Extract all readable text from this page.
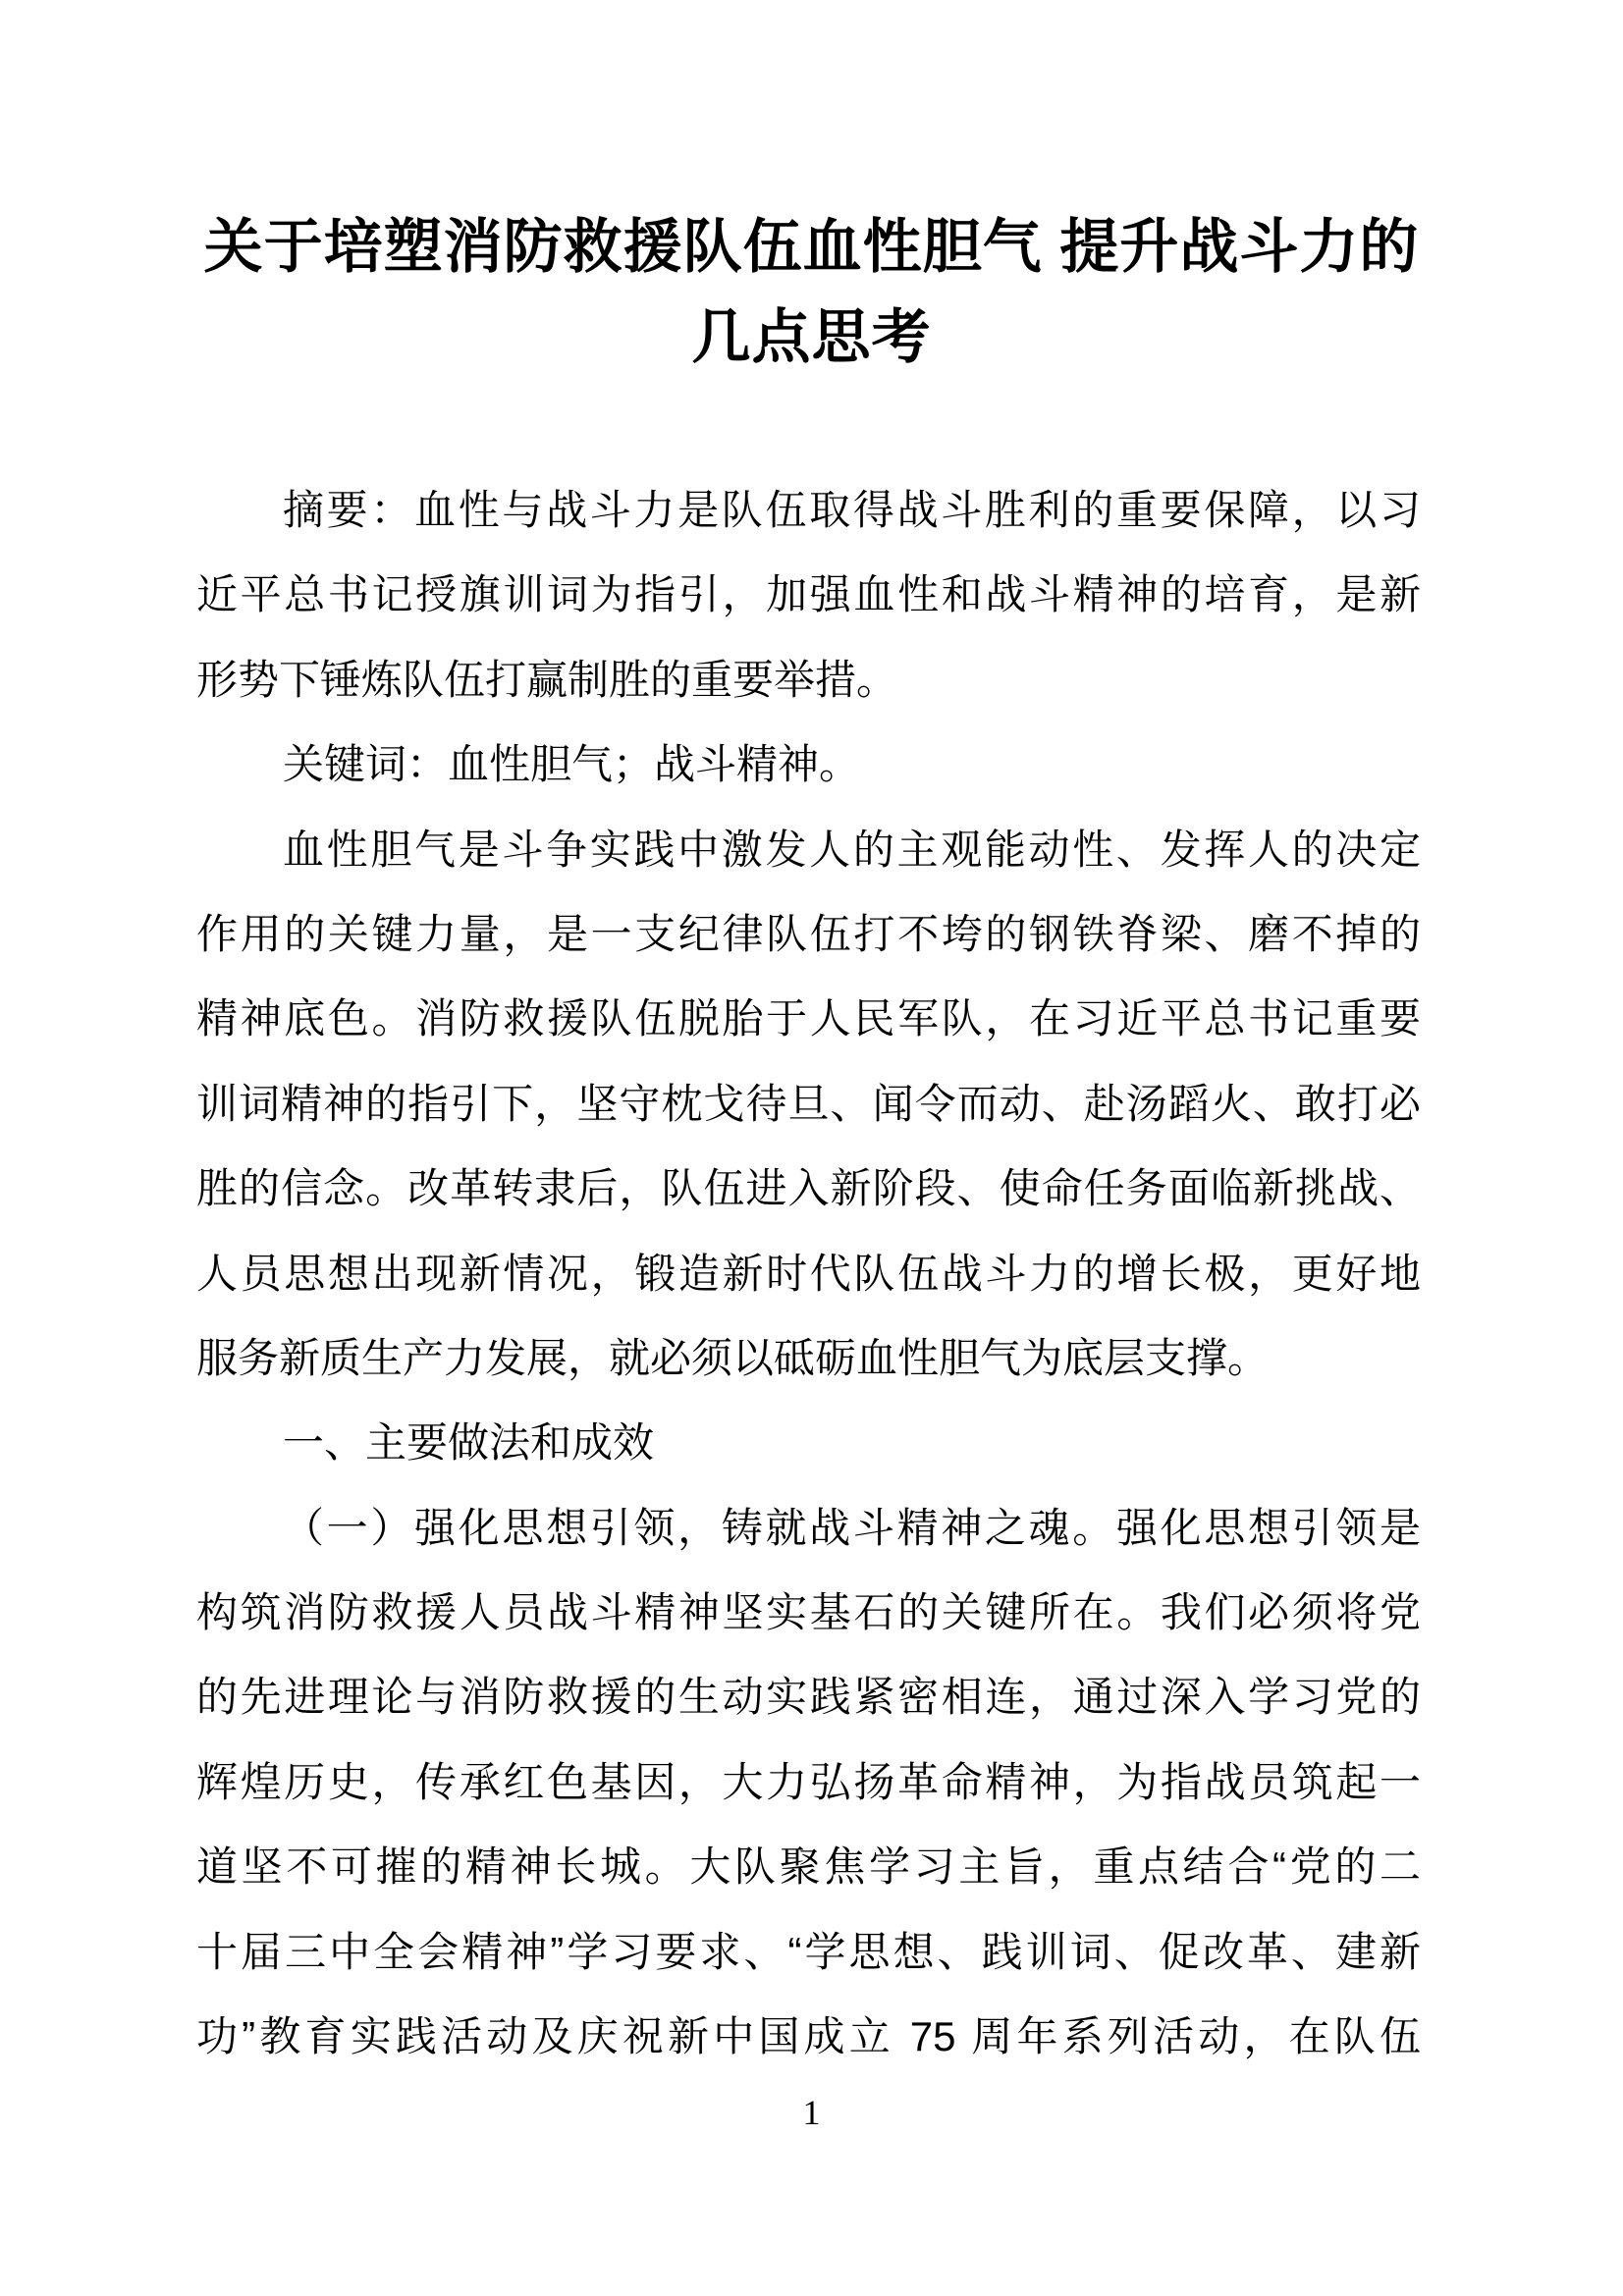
关于培塑消防救援队伍血性胆气 提升战斗力的
几点思考
摘要：血性与战斗力是队伍取得战斗胜利的重要保障，以习
近平总书记授旗训词为指引，加强血性和战斗精神的培育，是新
形势下锤炼队伍打赢制胜的重要举措。
关键词：血性胆气；战斗精神。
血性胆气是斗争实践中激发人的主观能动性、发挥人的决定
作用的关键力量，是一支纪律队伍打不垮的钢铁脊梁、磨不掉的
精神底色。消防救援队伍脱胎于人民军队，在习近平总书记重要
训词精神的指引下，坚守枕戈待旦、闻令而动、赴汤蹈火、敢打必
胜的信念。改革转隶后，队伍进入新阶段、使命任务面临新挑战、
人员思想出现新情况，锻造新时代队伍战斗力的增长极，更好地
服务新质生产力发展，就必须以砥砺血性胆气为底层支撑。
一、主要做法和成效
（一）强化思想引领，铸就战斗精神之魂。强化思想引领是
构筑消防救援人员战斗精神坚实基石的关键所在。我们必须将党
的先进理论与消防救援的生动实践紧密相连，通过深入学习党的
辉煌历史，传承红色基因，大力弘扬革命精神，为指战员筑起一
道坚不可摧的精神长城。大队聚焦学习主旨，重点结合“党的二
十届三中全会精神”学习要求、“学思想、践训词、促改革、建新
功”教育实践活动及庆祝新中国成立 75 周年系列活动，在队伍
1
